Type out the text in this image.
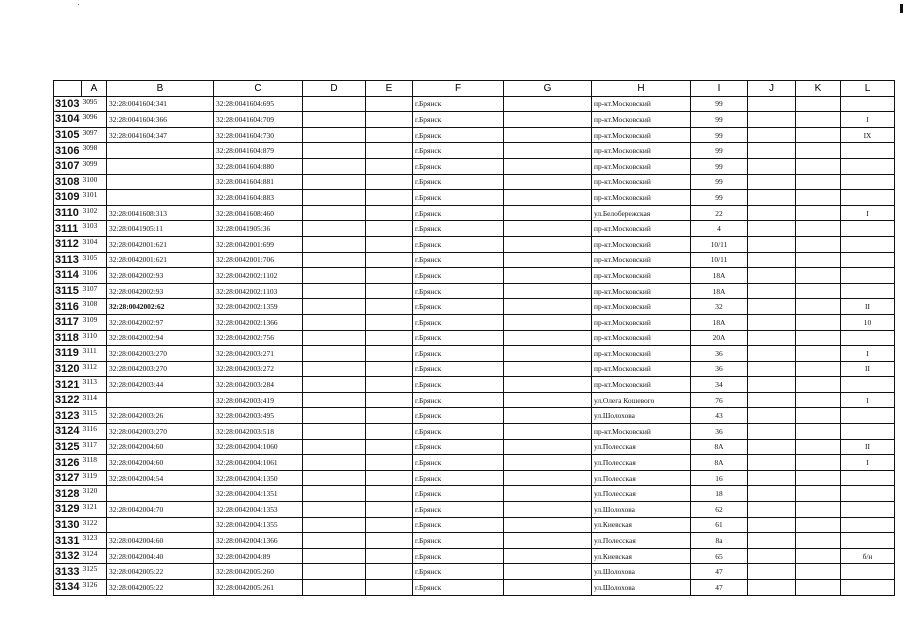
	A	B	C	D	E	F	G	H	I	J	K	L
3103	3095	32:28:0041604:341	32:28:0041604:695			г.Брянск		пр-кт.Московский	99			
3104	3096	32:28:0041604:366	32:28:0041604:709			г.Брянск		пр-кт.Московский	99			I
3105	3097	32:28:0041604:347	32:28:0041604:730			г.Брянск		пр-кт.Московский	99			IX
3106	3098		32:28:0041604:879			г.Брянск		пр-кт.Московский	99			
3107	3099		32:28:0041604:880			г.Брянск		пр-кт.Московский	99			
3108	3100		32:28:0041604:881			г.Брянск		пр-кт.Московский	99			
3109	3101		32:28:0041604:883			г.Брянск		пр-кт.Московский	99			
3110	3102	32:28:0041608:313	32:28:0041608:460			г.Брянск		ул.Белобережская	22			I
3111	3103	32:28:0041905:11	32:28:0041905:36			г.Брянск		пр-кт.Московский	4			
3112	3104	32:28:0042001:621	32:28:0042001:699			г.Брянск		пр-кт.Московский	10/11			
3113	3105	32:28:0042001:621	32:28:0042001:706			г.Брянск		пр-кт.Московский	10/11			
3114	3106	32:28:0042002:93	32:28:0042002:1102			г.Брянск		пр-кт.Московский	18А			
3115	3107	32:28:0042002:93	32:28:0042002:1103			г.Брянск		пр-кт.Московский	18А			
3116	3108	32:28:0042002:62	32:28:0042002:1359			г.Брянск		пр-кт.Московский	32			II
3117	3109	32:28:0042002:97	32:28:0042002:1366			г.Брянск		пр-кт.Московский	18А			10
3118	3110	32:28:0042002:94	32:28:0042002:756			г.Брянск		пр-кт.Московский	20А			
3119	3111	32:28:0042003:270	32:28:0042003:271			г.Брянск		пр-кт.Московский	36			I
3120	3112	32:28:0042003:270	32:28:0042003:272			г.Брянск		пр-кт.Московский	36			II
3121	3113	32:28:0042003:44	32:28:0042003:284			г.Брянск		пр-кт.Московский	34			
3122	3114		32:28:0042003:419			г.Брянск		ул.Олега Кошевого	76			I
3123	3115	32:28:0042003:26	32:28:0042003:495			г.Брянск		ул.Шолохова	43			
3124	3116	32:28:0042003:270	32:28:0042003:518			г.Брянск		пр-кт.Московский	36			
3125	3117	32:28:0042004:60	32:28:0042004:1060			г.Брянск		ул.Полесская	8А			II
3126	3118	32:28:0042004:60	32:28:0042004:1061			г.Брянск		ул.Полесская	8А			I
3127	3119	32:28:0042004:54	32:28:0042004:1350			г.Брянск		ул.Полесская	16			
3128	3120		32:28:0042004:1351			г.Брянск		ул.Полесская	18			
3129	3121	32:28:0042004:70	32:28:0042004:1353			г.Брянск		ул.Шолохова	62			
3130	3122		32:28:0042004:1355			г.Брянск		ул.Киевская	61			
3131	3123	32:28:0042004:60	32:28:0042004:1366			г.Брянск		ул.Полесская	8а			
3132	3124	32:28:0042004:40	32:28:0042004:89			г.Брянск		ул.Киевская	65			б/н
3133	3125	32:28:0042005:22	32:28:0042005:260			г.Брянск		ул.Шолохова	47			
3134	3126	32:28:0042005:22	32:28:0042005:261			г.Брянск		ул.Шолохова	47			
